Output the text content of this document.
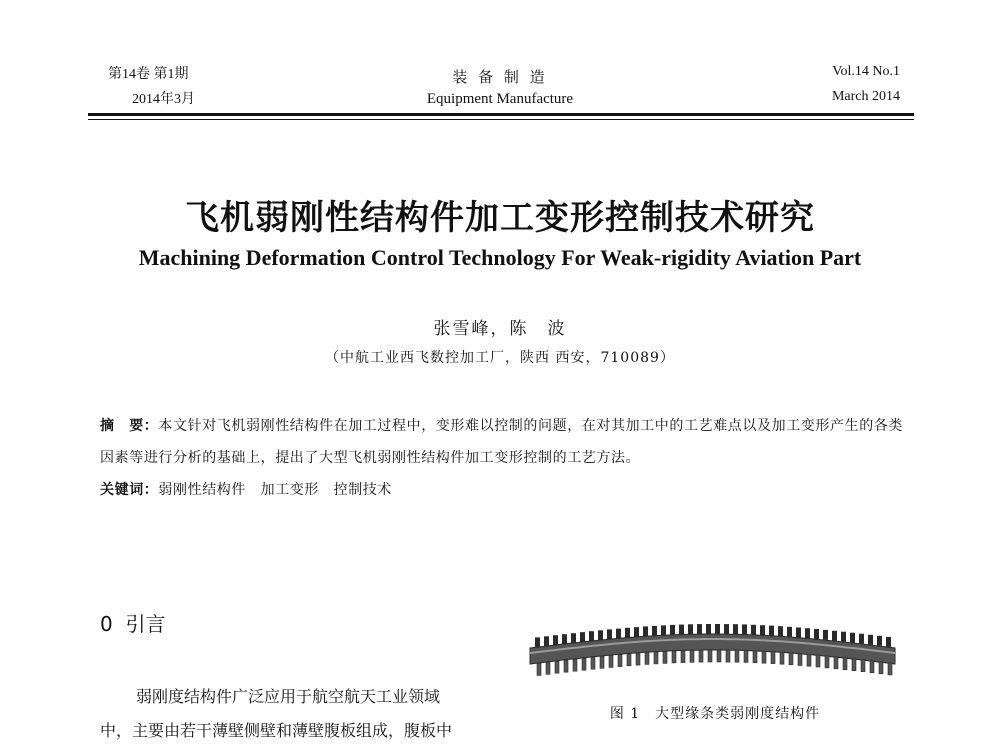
第14卷 第1期
2014年3月
装 备 制 造
Equipment Manufacture
Vol.14 No.1
March 2014
飞机弱刚性结构件加工变形控制技术研究
Machining Deformation Control Technology For Weak-rigidity Aviation Part
张雪峰，陈　波
（中航工业西飞数控加工厂，陕西 西安，710089）
摘　要：本文针对飞机弱刚性结构件在加工过程中，变形难以控制的问题，在对其加工中的工艺难点以及加工变形产生的各类因素等进行分析的基础上，提出了大型飞机弱刚性结构件加工变形控制的工艺方法。
关键词：弱刚性结构件　加工变形　控制技术
0 引言
弱刚度结构件广泛应用于航空航天工业领域
中，主要由若干薄壁侧壁和薄壁腹板组成，腹板中
图 1　大型缘条类弱刚度结构件
